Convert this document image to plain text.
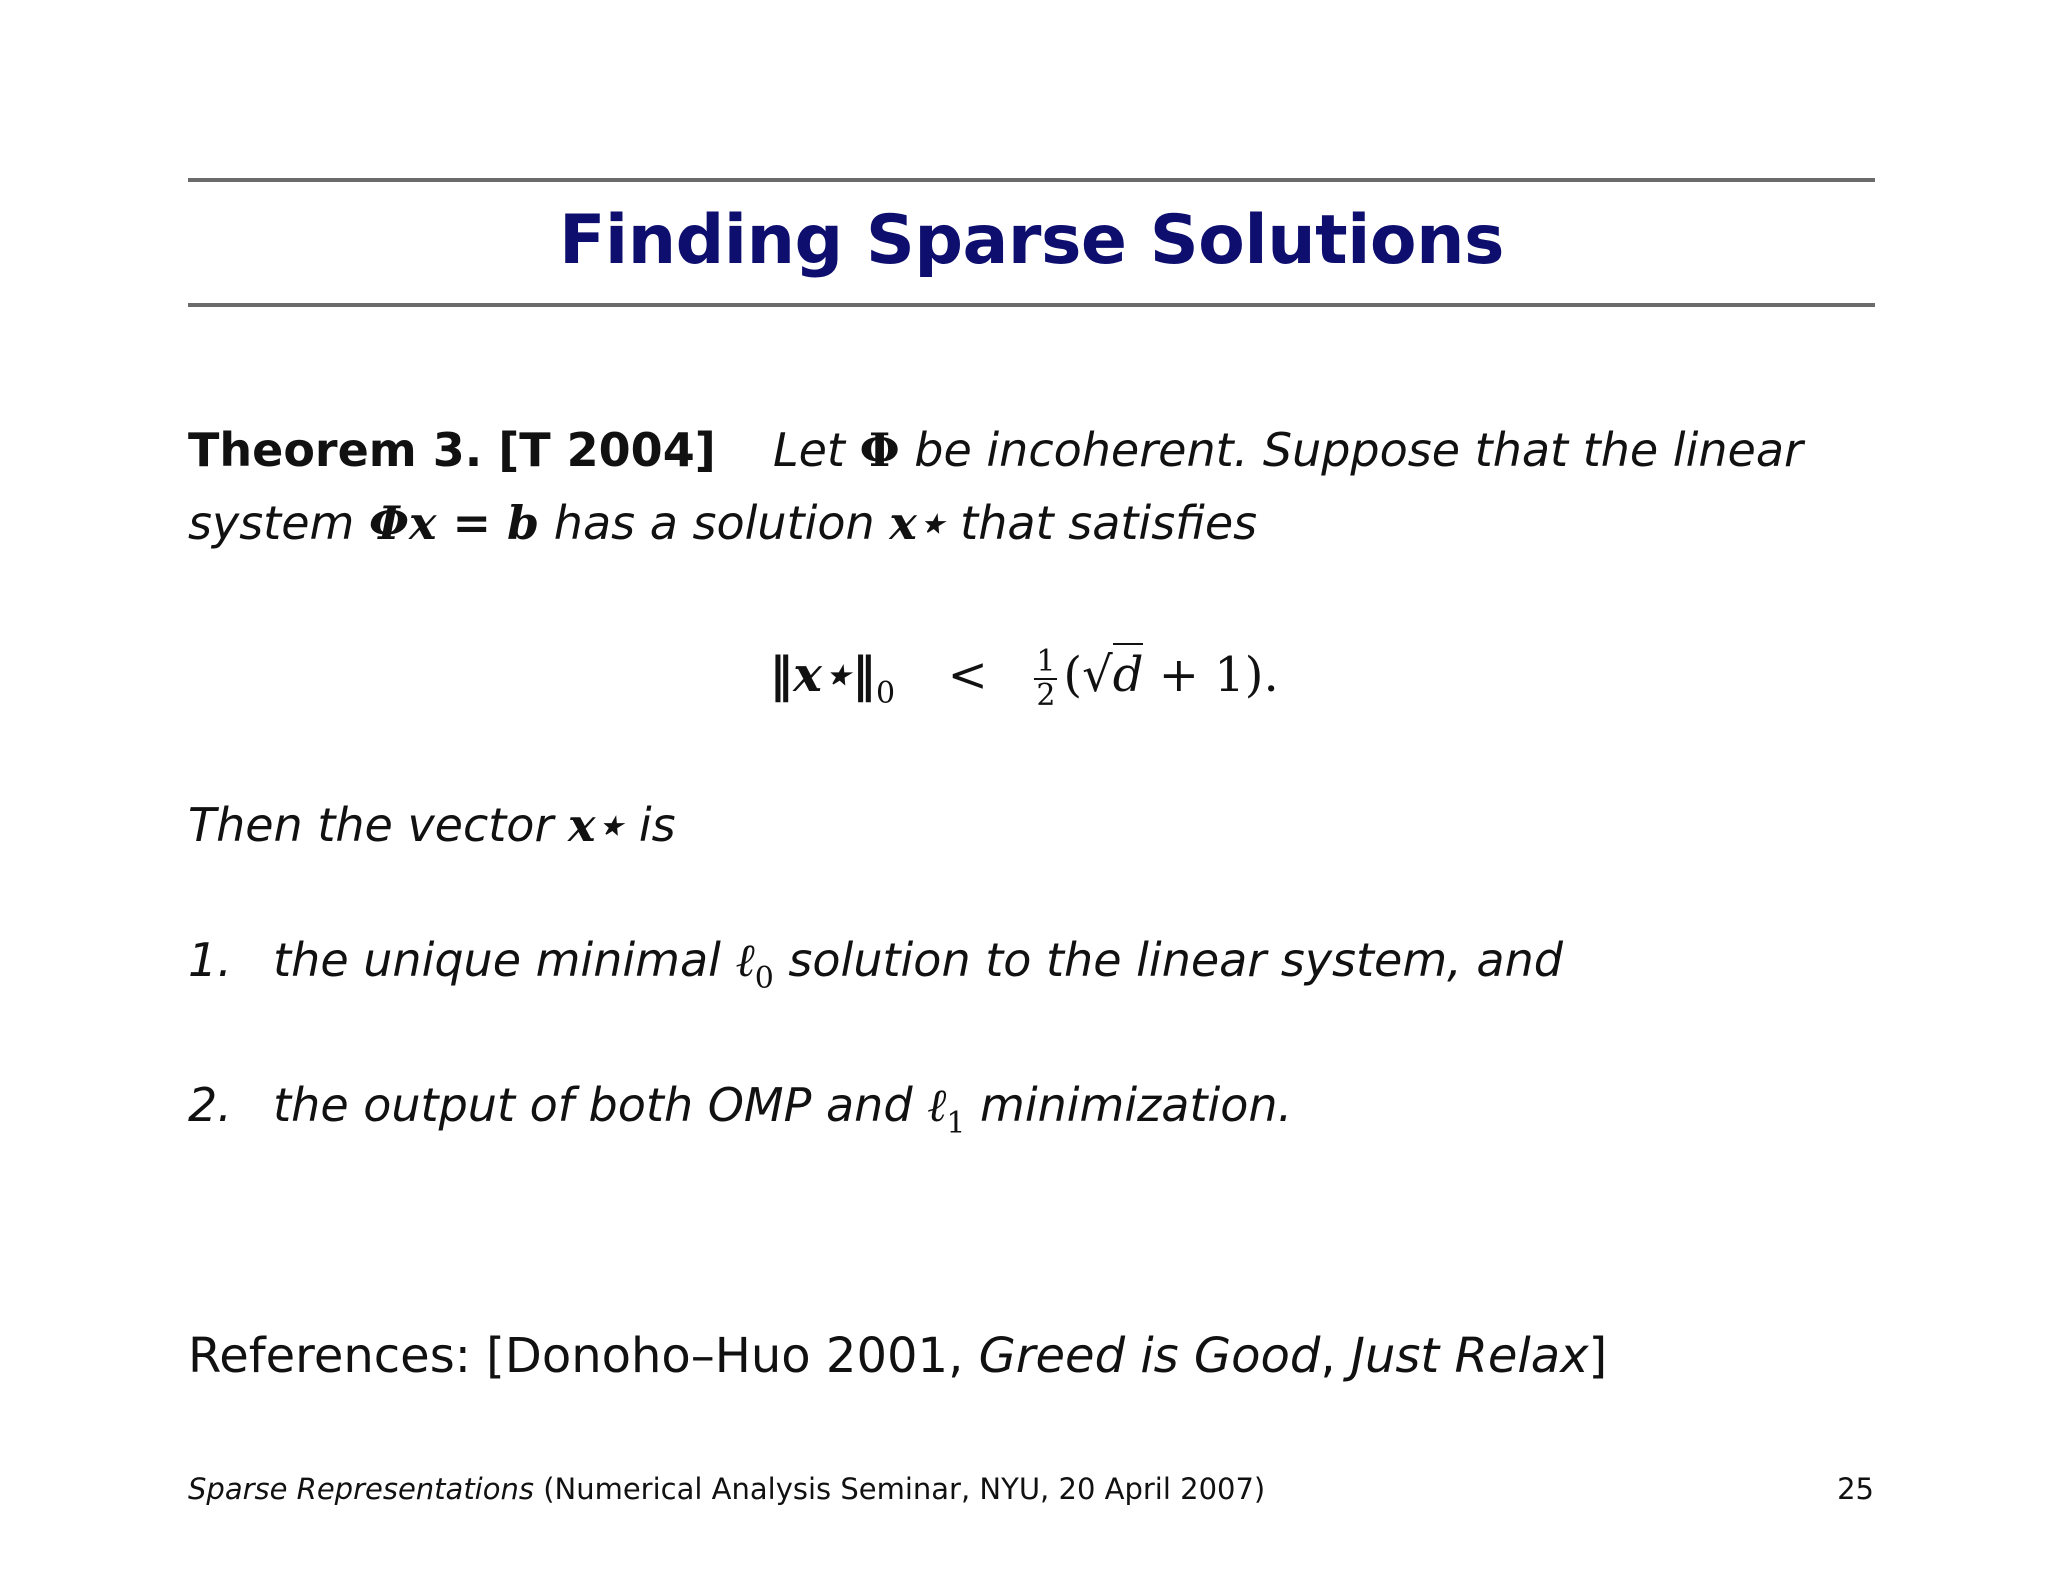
Finding Sparse Solutions
Theorem 3. [T 2004] Let Φ be incoherent. Suppose that the linear
system Φx = b has a solution x⋆ that satisfies
$‖x⋆‖_0 < \frac{1}{2} (√d + 1)$.
Then the vector x⋆ is
1. the unique minimal ℓ$_0$ solution to the linear system, and
2. the output of both OMP and ℓ$_1$ minimization.
References: [Donoho–Huo 2001, Greed is Good, Just Relax]
Sparse Representations (Numerical Analysis Seminar, NYU, 20 April 2007)	25
